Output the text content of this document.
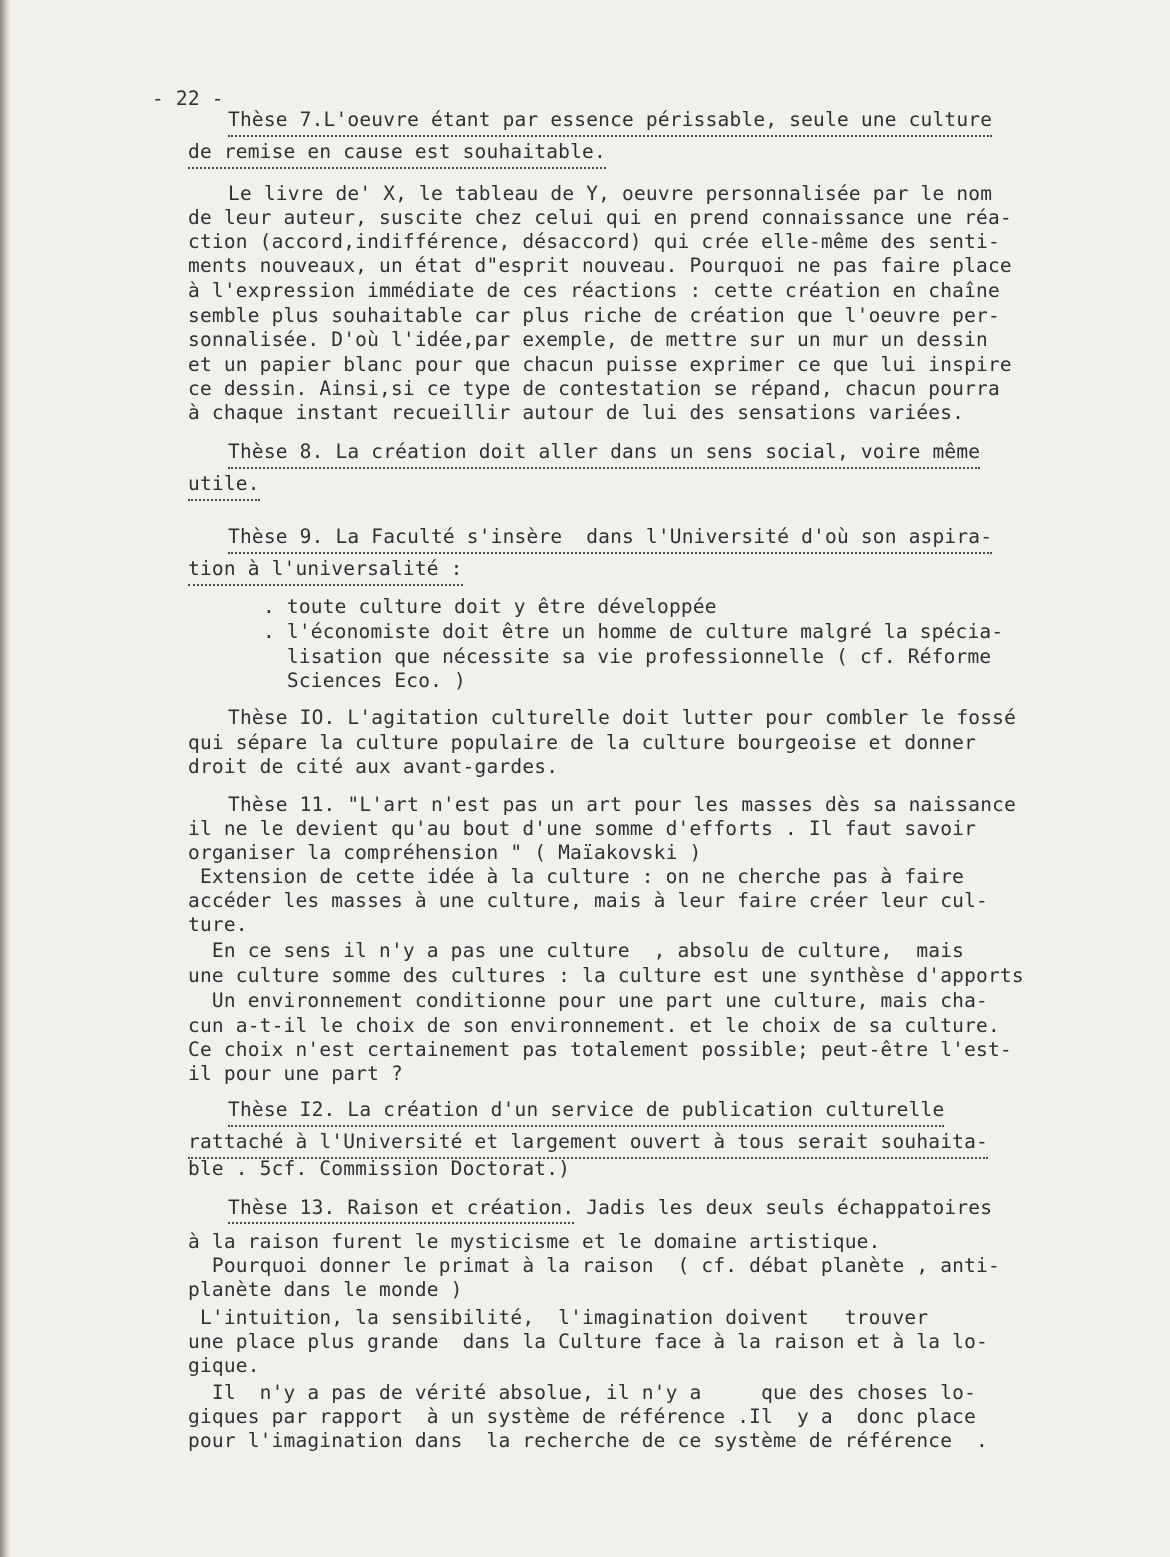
- 22 -
Thèse 7.L'oeuvre étant par essence périssable, seule une culture
de remise en cause est souhaitable.
Le livre de' X, le tableau de Y, oeuvre personnalisée par le nom
de leur auteur, suscite chez celui qui en prend connaissance une réa-
ction (accord,indifférence, désaccord) qui crée elle-même des senti-
ments nouveaux, un état d"esprit nouveau. Pourquoi ne pas faire place
à l'expression immédiate de ces réactions : cette création en chaîne
semble plus souhaitable car plus riche de création que l'oeuvre per-
sonnalisée. D'où l'idée,par exemple, de mettre sur un mur un dessin
et un papier blanc pour que chacun puisse exprimer ce que lui inspire
ce dessin. Ainsi,si ce type de contestation se répand, chacun pourra
à chaque instant recueillir autour de lui des sensations variées.
Thèse 8. La création doit aller dans un sens social, voire même
utile.
Thèse 9. La Faculté s'insère  dans l'Université d'où son aspira-
tion à l'universalité :
. toute culture doit y être développée
. l'économiste doit être un homme de culture malgré la spécia-
lisation que nécessite sa vie professionnelle ( cf. Réforme
Sciences Eco. )
Thèse IO. L'agitation culturelle doit lutter pour combler le fossé
qui sépare la culture populaire de la culture bourgeoise et donner
droit de cité aux avant-gardes.
Thèse 11. "L'art n'est pas un art pour les masses dès sa naissance
il ne le devient qu'au bout d'une somme d'efforts . Il faut savoir
organiser la compréhension " ( Maïakovski )
Extension de cette idée à la culture : on ne cherche pas à faire
accéder les masses à une culture, mais à leur faire créer leur cul-
ture.
En ce sens il n'y a pas une culture  , absolu de culture,  mais
une culture somme des cultures : la culture est une synthèse d'apports
Un environnement conditionne pour une part une culture, mais cha-
cun a-t-il le choix de son environnement. et le choix de sa culture.
Ce choix n'est certainement pas totalement possible; peut-être l'est-
il pour une part ?
Thèse I2. La création d'un service de publication culturelle
rattaché à l'Université et largement ouvert à tous serait souhaita-
ble . 5cf. Commission Doctorat.)
Thèse 13. Raison et création. Jadis les deux seuls échappatoires
à la raison furent le mysticisme et le domaine artistique.
Pourquoi donner le primat à la raison  ( cf. débat planète , anti-
planète dans le monde )
L'intuition, la sensibilité,  l'imagination doivent   trouver
une place plus grande  dans la Culture face à la raison et à la lo-
gique.
Il  n'y a pas de vérité absolue, il n'y a     que des choses lo-
giques par rapport  à un système de référence .Il  y a  donc place
pour l'imagination dans  la recherche de ce système de référence  .
